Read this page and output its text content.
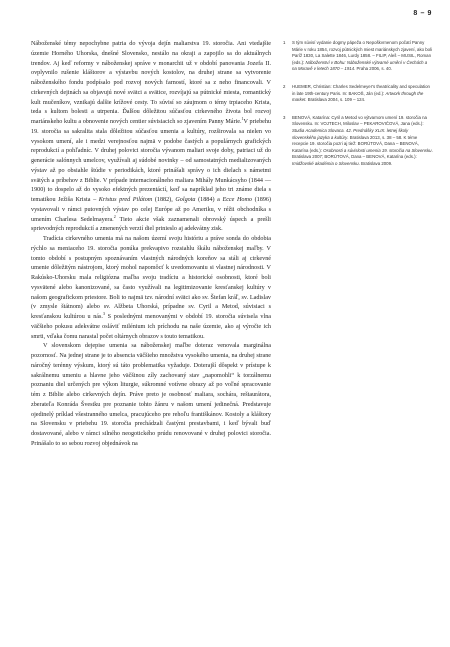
8 – 9

Náboženské témy nepochybne patria do vývoja dejín maliarstva 19. storočia. Ani vtedajšie územie Horného Uhorska, dnešné Slovensko, nestálo na okraji a zapojilo sa do aktuálnych trendov. Aj keď reformy v náboženskej správe v monarchii už v období panovania Jozefa II. ovplyvnilo rušenie kláštorov a výstavbu nových kostolov, na druhej strane sa vytvorenie náboženského fondu podpísalo pod rozvoj nových farností, ktoré sa z neho financovali. V cirkevných dejinách sa objavujú nové svätci a svätice, rozvíjajú sa pútnické miesta, romantický kult mučeníkov, vznikajú dalšie krížové cesty. To súvisí so záujmom o témy trpiaceho Krista, teda s kultom bolesti a utrpenia. Ďalšou dôležitou súčasťou cirkevného života bol rozvoj mariánskeho kultu a obnovenie nových centier súvisiacich so zjavením Panny Márie.$^1$V priebehu 19. storočia sa sakralita stala dôležitou súčasťou umenia a kultúry, rozširovala sa nielen vo vysokom umení, ale i medzi verejnosťou najmä v podobe častých a populárnych grafických reprodukcií a pohľadníc. V druhej polovici storočia vývanom maliari svoje doby, patriaci už do generácie salónnych umelcov, využívali aj súdobé novinky – od samostatných medializovaných výstav až po obsiahle štúdie v periodikách, ktoré prinášali správy o ich dielach s námetmi svätých a príbehov z Biblie. V prípade internacionálneho maliara Mihály Munkácsyho (1844 — 1900) to dospelo až do vysoko efektných prezentácií, keď sa napríklad jeho tri známe diela s tematikou Ježiša Krista – Kristus pred Pilátom (1882), Golgota (1884) a Ecce Homo (1896) vystavovali v rámci putovných výstav po celej Európe až po Ameriku, v réžii obchodníka s umením Charlesa Sedelmayera.$^2$ Tieto akcie však zaznamenali obrovský úspech a prešli sprievodných reprodukcií a zmenených verzií diel prinieslo aj adekvátny zisk.

Tradícia cirkevného umenia má na našom území svoju históriu a práve sonda do obdobia rýchlo sa meniaceho 19. storočia ponúka prekvapivo rozsiahlu škálu náboženskej maľby. V tomto období s postupným spoznávaním vlastných národných koreňov sa stáli aj cirkevné umenie dôležitým nástrojom, ktorý mohol napomôcť k uvedomovaniu si vlastnej národnosti. V Rakúsko-Uhorsku mala religiózna maľba svoju tradíciu a historické osobnosti, ktoré boli vysvätené alebo kanonizované, sa často využívali na legitimizovanie kresťanskej kultúry v našom geografickom priestore. Boli to najmä tzv. národní svätci ako sv. Štefan kráľ, sv. Ladislav (v zmysle štátnom) alebo sv. Alžbeta Uhorská, prípadne sv. Cyril a Metod, súvisiaci s kresťanskou kultúrou u nás.$^3$ S poslednými menovanými v období 19. storočia súvisela vlna väčšieho pokusu adekvátne osláviť milénium ich príchodu na naše územie, ako aj výročie ich smrti, vďaka čomu narastal počet oltárnych obrazov s touto tematikou.

V slovenskom dejepise umenia sa náboženskej maľbe doteraz venovala marginálna pozornosť. Na jednej strane je to absencia väčšieho množstva vysokého umenia, na druhej strane náročný terénny výskum, ktorý sú táto problematika vyžaduje. Doterajší dôspekt v prístupe k sakrálnemu umeniu a hlavne jeho väčšinou zíly zachovaný stav „napomohli“ k torzálnemu poznaniu diel určených pre výkon liturgie, súkromné votívne obrazy až po voľné spracovanie tém z Biblie alebo cirkevných dejín. Práve preto je osobnosť maliara, sochára, reštaurátora, zberateľa Konráda Švestku pre poznanie tohto žánru v našom umení jedinečná. Predstavuje ojedinelý príklad všestranného umelca, pracujúceho pre rehoľu františkánov. Kostoly a kláštory na Slovensku v priebehu 19. storočia prechádzali častými prestavbami, i keď bývali buď dostavované, alebo v rámci silného neogotického prúdu renovované v druhej polovici storočia. Prinášalo to so sebou rozvoj objednávok na

1 S tým súvisí vydanie dogmy pápeža o Nepoškvrnenom počatí Panny Márie v roku 1854, rozvoj pútnických miest mariánskych zjavení, ako boli Paríž 1830, La Salette 1846, Lurdy 1858. – FILIP, Aleš – MUSIL, Roman (eds.): Náboženství v Bohu: Náboženské výtvarné umění v Čechách a na Moravě v letech 1870 – 1914. Praha 2006, s. 40.
2 HUEMER, Christian: Charles Sedelmeyer's theatricality and speculation in late 19th-century Paris. In: BAKOŠ, Ján (ed.): Artwork through the market. Bratislava 2004, s. 109 – 124.
3 BENOVÁ, Katarína: Cyril a Metod vo výtvarnom umení 19. storočia na Slovensku. In: VOJTECH, Miloslav – PEKAROVIČOVÁ, Jana (eds.): Studia Academica Slovaca. 42. Prednášky XLIX. letnej školy slovenského jazyka a kultúry. Bratislava 2013, s. 38 – 58. K téme recepcie 19. storočia pozri aj tiež: BORÚTOVÁ, Dana – BENOVÁ, Katarína (eds.): Osobnosti a súvislosti umenia 19. storočia na Slovensku. Bratislava 2007; BORÚTOVÁ, Dana – BENOVÁ, Katarína (eds.): Imidžovské akadémia o Slovensku. Bratislava 2009.
